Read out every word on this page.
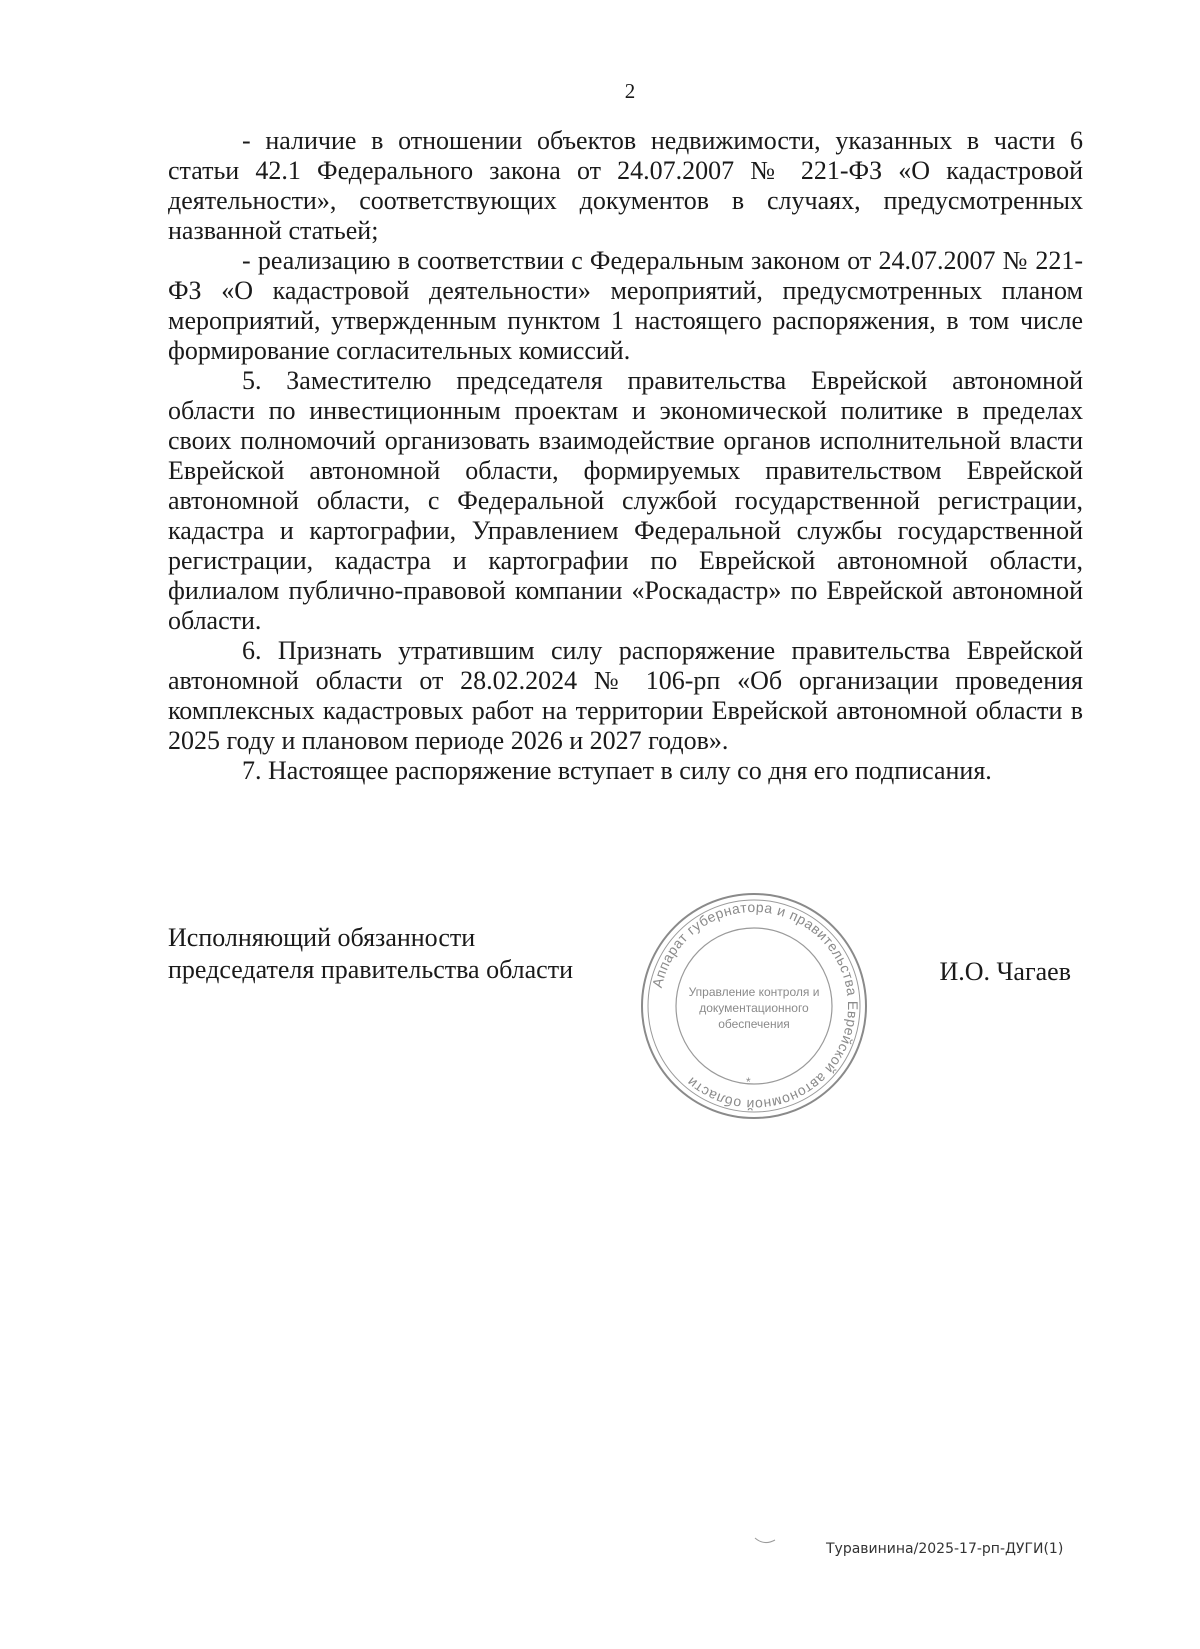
2

- наличие в отношении объектов недвижимости, указанных в части 6 статьи 42.1 Федерального закона от 24.07.2007 № 221-ФЗ «О кадастровой деятельности», соответствующих документов в случаях, предусмотренных названной статьей;

- реализацию в соответствии с Федеральным законом от 24.07.2007 № 221-ФЗ «О кадастровой деятельности» мероприятий, предусмотренных планом мероприятий, утвержденным пунктом 1 настоящего распоряжения, в том числе формирование согласительных комиссий.

5. Заместителю председателя правительства Еврейской автономной области по инвестиционным проектам и экономической политике в пределах своих полномочий организовать взаимодействие органов исполнительной власти Еврейской автономной области, формируемых правительством Еврейской автономной области, с Федеральной службой государственной регистрации, кадастра и картографии, Управлением Федеральной службы государственной регистрации, кадастра и картографии по Еврейской автономной области, филиалом публично-правовой компании «Роскадастр» по Еврейской автономной области.

6. Признать утратившим силу распоряжение правительства Еврейской автономной области от 28.02.2024 № 106-рп «Об организации проведения комплексных кадастровых работ на территории Еврейской автономной области в 2025 году и плановом периоде 2026 и 2027 годов».

7. Настоящее распоряжение вступает в силу со дня его подписания.

Исполняющий обязанности
председателя правительства области	Аппарат губернатора и правительства Еврейской автономной области
Управление контроля и
документационного
обеспечения
*
И.О. Чагаев
Туравинина/2025-17-рп-ДУГИ(1)
